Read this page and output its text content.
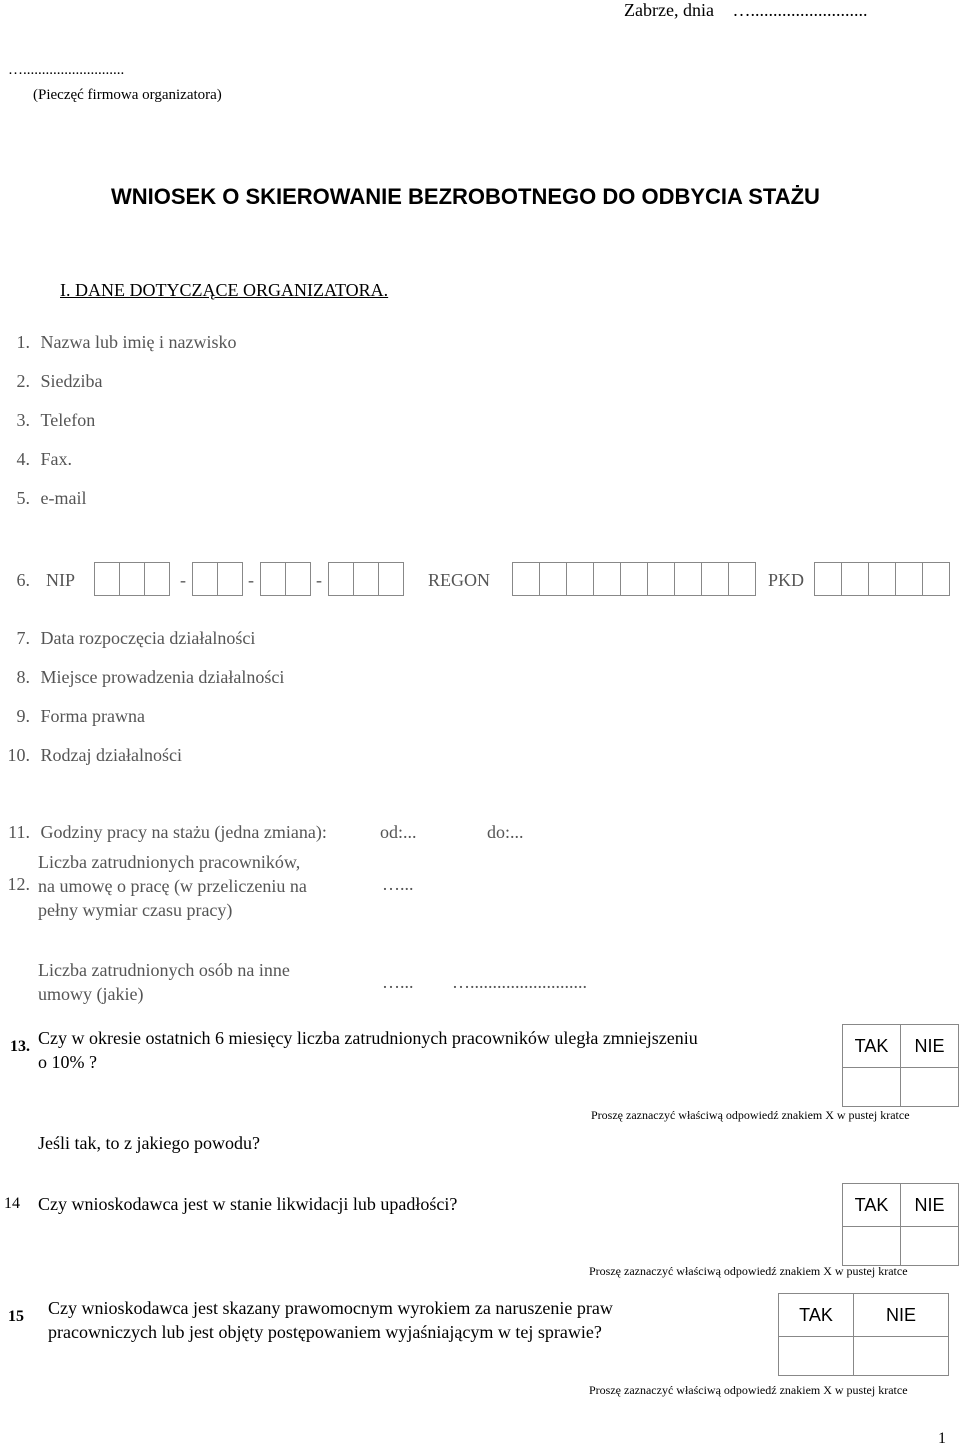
Zabrze, dnia …..........................
…...........................
(Pieczęć firmowa organizatora)
WNIOSEK O SKIEROWANIE BEZROBOTNEGO DO ODBYCIA STAŻU
I. DANE DOTYCZĄCE ORGANIZATORA.
1. Nazwa lub imię i nazwisko
2. Siedziba
3. Telefon
4. Fax.
5. e-mail
6. NIP	-	-	-	REGON	PKD
7. Data rozpoczęcia działalności
8. Miejsce prowadzenia działalności
9. Forma prawna
10. Rodzaj działalności
11. Godziny pracy na stażu (jedna zmiana):	od:...	do:...
12.
Liczba zatrudnionych pracowników,
na umowę o pracę (w przeliczeniu na
pełny wymiar czasu pracy)
…...
Liczba zatrudnionych osób na inne
umowy (jakie)
…... …..........................
13. Czy w okresie ostatnich 6 miesięcy liczba zatrudnionych pracowników uległa zmniejszeniu
o 10% ?
TAK	NIE

Proszę zaznaczyć właściwą odpowiedź znakiem X w pustej kratce
Jeśli tak, to z jakiego powodu?
14 Czy wnioskodawca jest w stanie likwidacji lub upadłości?	TAK	NIE

Proszę zaznaczyć właściwą odpowiedź znakiem X w pustej kratce
15 Czy wnioskodawca jest skazany prawomocnym wyrokiem za naruszenie praw
pracowniczych lub jest objęty postępowaniem wyjaśniającym w tej sprawie?
TAK	NIE

Proszę zaznaczyć właściwą odpowiedź znakiem X w pustej kratce
1
